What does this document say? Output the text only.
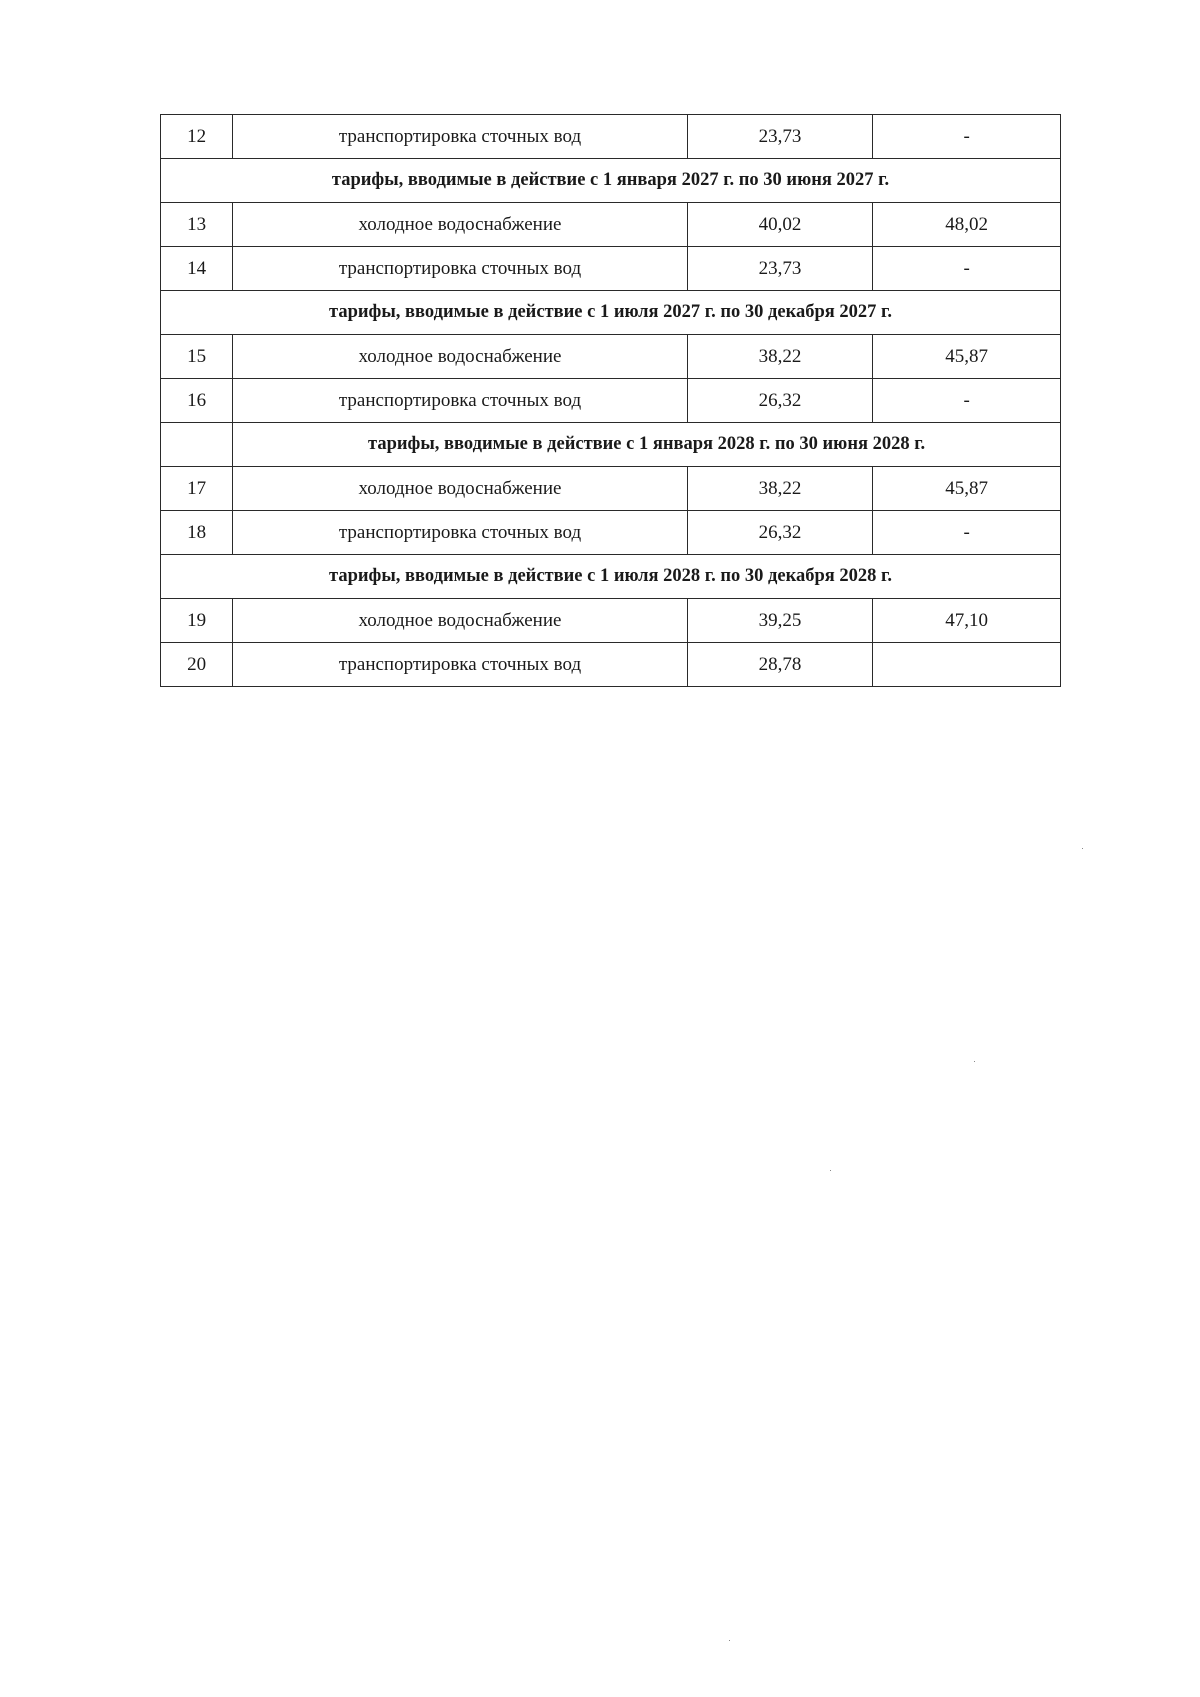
12	транспортировка сточных вод	23,73	-
тарифы, вводимые в действие с 1 января 2027 г. по 30 июня 2027 г.			
13	холодное водоснабжение	40,02	48,02
14	транспортировка сточных вод	23,73	-
тарифы, вводимые в действие с 1 июля 2027 г. по 30 декабря 2027 г.			
15	холодное водоснабжение	38,22	45,87
16	транспортировка сточных вод	26,32	-
	тарифы, вводимые в действие с 1 января 2028 г. по 30 июня 2028 г.		
17	холодное водоснабжение	38,22	45,87
18	транспортировка сточных вод	26,32	-
тарифы, вводимые в действие с 1 июля 2028 г. по 30 декабря 2028 г.			
19	холодное водоснабжение	39,25	47,10
20	транспортировка сточных вод	28,78	
